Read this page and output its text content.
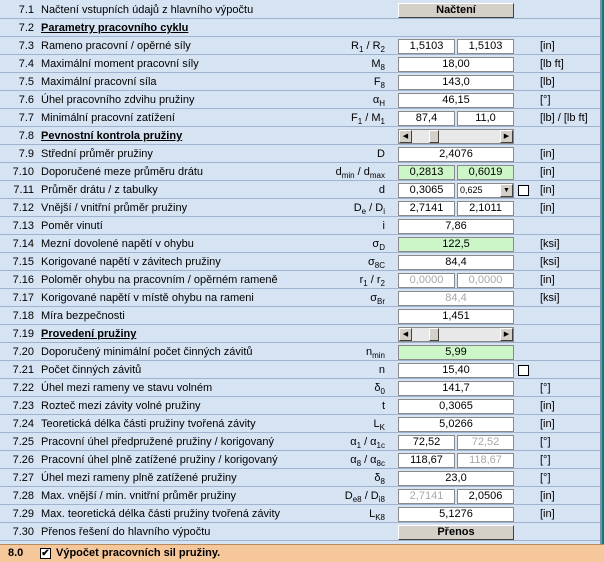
7.1 Načtení vstupních údajů z hlavního výpočtu	Načtení
7.2 Parametry pracovního cyklu
7.3 Rameno pracovní / opěrné síly	$R_1 / R_2$	1,5103	1,5103	[in]
7.4 Maximální moment pracovní síly	$M_8$	18,00	[lb ft]
7.5 Maximální pracovní síla	$F_8$	143,0	[lb]
7.6 Úhel pracovního zdvihu pružiny	$\alpha_H$	46,15	[°]
7.7 Minimální pracovní zatížení	$F_1 / M_1$	87,4	11,0	[lb] / [lb ft]
7.8 Pevnostní kontrola pružiny	◀	▶
7.9 Střední průměr pružiny	D	2,4076	[in]
7.10 Doporučené meze průměru drátu	$d_{min} / d_{max}$	0,2813	0,6019	[in]
7.11 Průměr drátu / z tabulky	d	0,3065	0,625	▼	[in]
7.12 Vnější / vnitřní průměr pružiny	$D_e / D_i$	2,7141	2,1011	[in]
7.13 Poměr vinutí	i	7,86
7.14 Mezní dovolené napětí v ohybu	$\sigma_D$	122,5	[ksi]
7.15 Korigované napětí v závitech pružiny	$\sigma_{8C}$	84,4	[ksi]
7.16 Poloměr ohybu na pracovním / opěrném rameně	$r_1 / r_2$	0,0000	0,0000	[in]
7.17 Korigované napětí v místě ohybu na rameni	$\sigma_{Br}$	84,4	[ksi]
7.18 Míra bezpečnosti	1,451
7.19 Provedení pružiny	◀	▶
7.20 Doporučený minimální počet činných závitů	$n_{min}$	5,99
7.21 Počet činných závitů	n	15,40
7.22 Úhel mezi rameny ve stavu volném	$\delta_0$	141,7	[°]
7.23 Rozteč mezi závity volné pružiny	t	0,3065	[in]
7.24 Teoretická délka části pružiny tvořená závity	$L_K$	5,0266	[in]
7.25 Pracovní úhel předpružené pružiny / korigovaný	$\alpha_1 / \alpha_{1c}$	72,52	72,52	[°]
7.26 Pracovní úhel plně zatížené pružiny / korigovaný	$\alpha_8 / \alpha_{8c}$	118,67	118,67	[°]
7.27 Úhel mezi rameny plně zatížené pružiny	$\delta_8$	23,0	[°]
7.28 Max. vnější / min. vnitřní průměr pružiny	$D_{e8} / D_{i8}$	2,7141	2,0506	[in]
7.29 Max. teoretická délka části pružiny tvořená závity	$L_{K8}$	5,1276	[in]
7.30 Přenos řešení do hlavního výpočtu	Přenos
8.0 ✔ Výpočet pracovních sil pružiny.
